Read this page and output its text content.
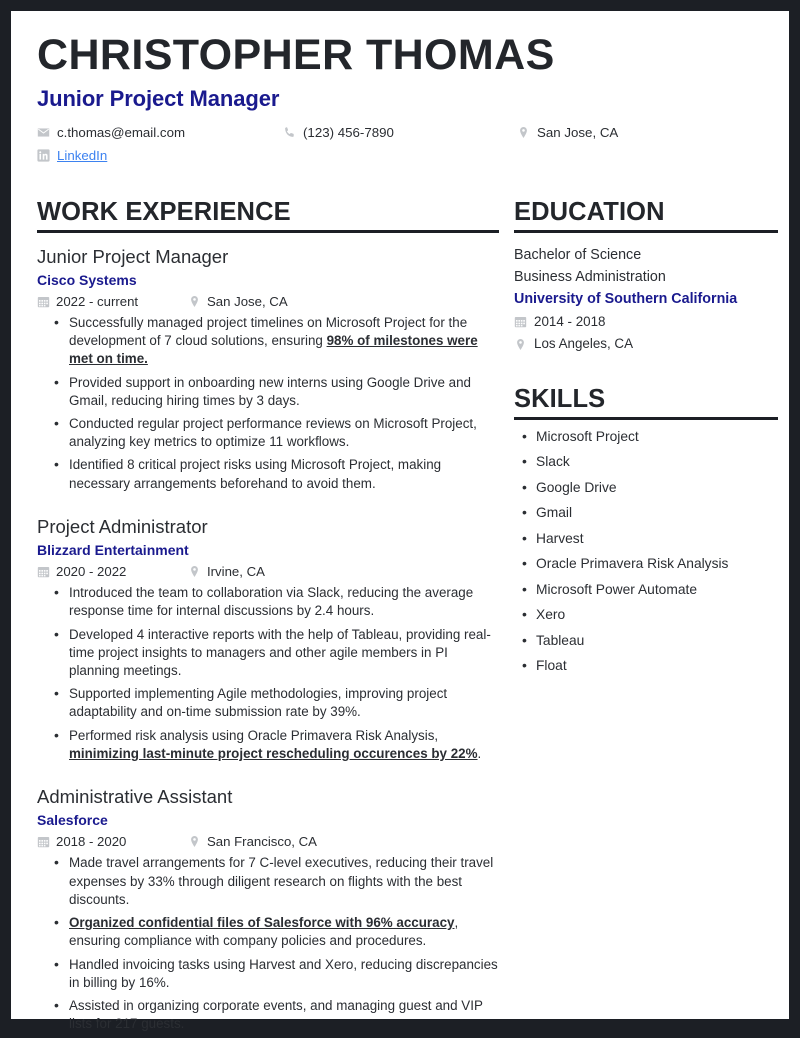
CHRISTOPHER THOMAS
Junior Project Manager
c.thomas@email.com	(123) 456-7890	San Jose, CA
LinkedIn
WORK EXPERIENCE
Junior Project Manager
Cisco Systems
2022 - current	San Jose, CA
• Successfully managed project timelines on Microsoft Project for the development of 7 cloud solutions, ensuring 98% of milestones were met on time.
• Provided support in onboarding new interns using Google Drive and Gmail, reducing hiring times by 3 days.
• Conducted regular project performance reviews on Microsoft Project, analyzing key metrics to optimize 11 workflows.
• Identified 8 critical project risks using Microsoft Project, making necessary arrangements beforehand to avoid them.
Project Administrator
Blizzard Entertainment
2020 - 2022	Irvine, CA
• Introduced the team to collaboration via Slack, reducing the average response time for internal discussions by 2.4 hours.
• Developed 4 interactive reports with the help of Tableau, providing real-time project insights to managers and other agile members in PI planning meetings.
• Supported implementing Agile methodologies, improving project adaptability and on-time submission rate by 39%.
• Performed risk analysis using Oracle Primavera Risk Analysis, minimizing last-minute project rescheduling occurences by 22%.
Administrative Assistant
Salesforce
2018 - 2020	San Francisco, CA
• Made travel arrangements for 7 C-level executives, reducing their travel expenses by 33% through diligent research on flights with the best discounts.
• Organized confidential files of Salesforce with 96% accuracy, ensuring compliance with company policies and procedures.
• Handled invoicing tasks using Harvest and Xero, reducing discrepancies in billing by 16%.
• Assisted in organizing corporate events, and managing guest and VIP lists for 217 guests.
EDUCATION
Bachelor of Science
Business Administration
University of Southern California
2014 - 2018
Los Angeles, CA
SKILLS
• Microsoft Project
• Slack
• Google Drive
• Gmail
• Harvest
• Oracle Primavera Risk Analysis
• Microsoft Power Automate
• Xero
• Tableau
• Float
